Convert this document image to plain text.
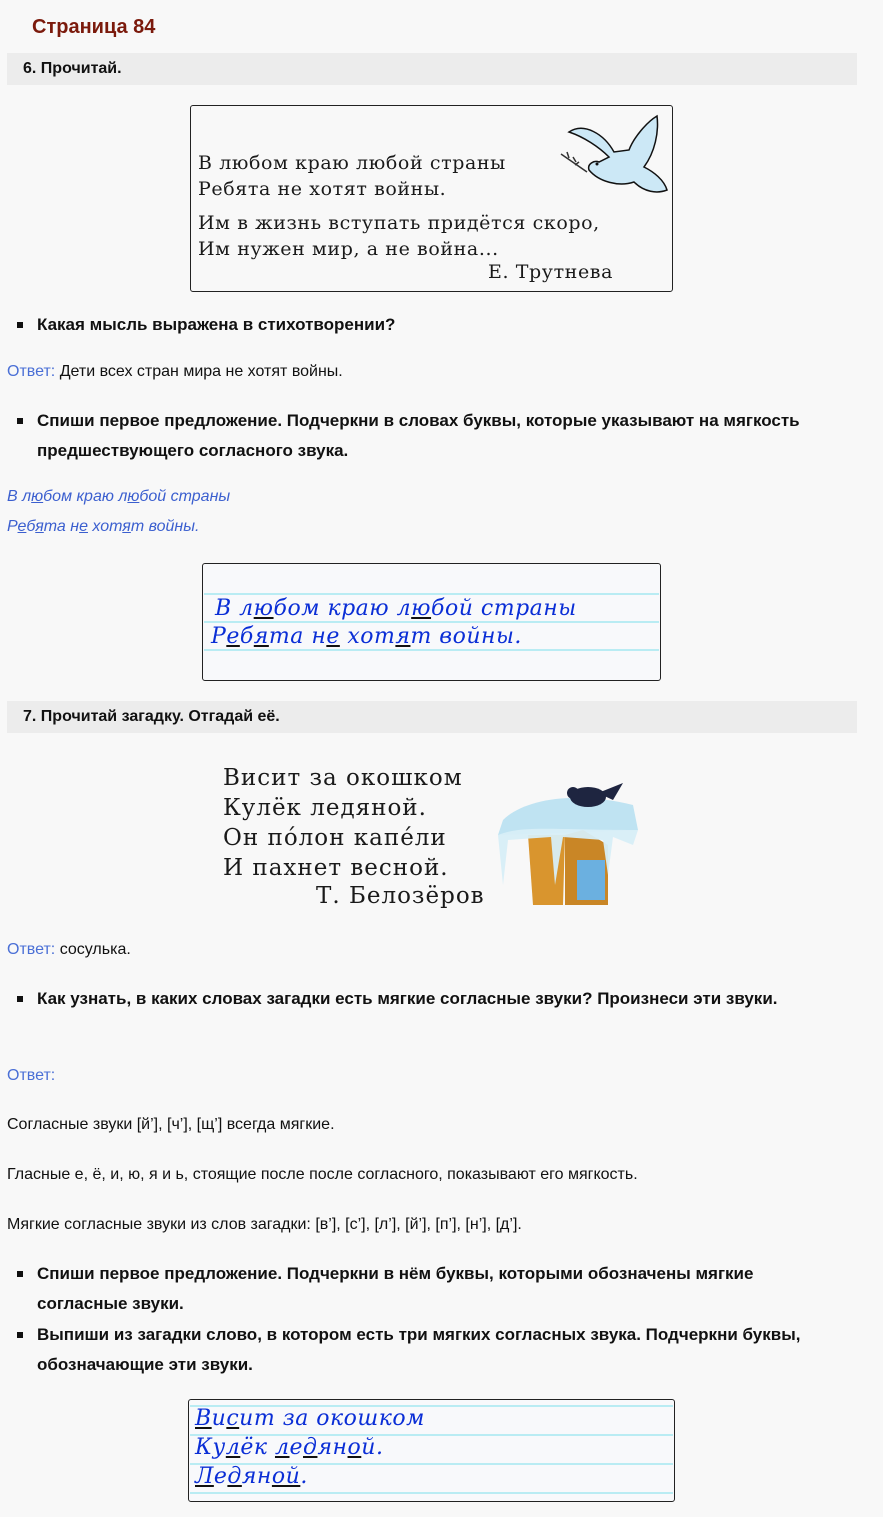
Страница 84
6. Прочитай.
В любом краю любой страны
Ребята не хотят войны.
Им в жизнь вступать придётся скоро,
Им нужен мир, а не война...
Е. Трутнева
Какая мысль выражена в стихотворении?
Ответ: Дети всех стран мира не хотят войны.
Спиши первое предложение. Подчеркни в словах буквы, которые указывают на мягкость предшествующего согласного звука.
В любом краю любой страны
Ребята не хотят войны.
В любом краю любой страны
Ребята не хотят войны.
7. Прочитай загадку. Отгадай её.
Висит за окошком
Кулёк ледяной.
Он по́лон капе́ли
И пахнет весной.
Т. Белозёров
Ответ: сосулька.
Как узнать, в каких словах загадки есть мягкие согласные звуки? Произнеси эти звуки.
Ответ:
Согласные звуки [й’], [ч’], [щ’] всегда мягкие.
Гласные е, ё, и, ю, я и ь, стоящие после после согласного, показывают его мягкость.
Мягкие согласные звуки из слов загадки: [в’], [с’], [л’], [й’], [п’], [н’], [д’].
Спиши первое предложение. Подчеркни в нём буквы, которыми обозначены мягкие согласные звуки.
Выпиши из загадки слово, в котором есть три мягких согласных звука. Подчеркни буквы, обозначающие эти звуки.
Висит за окошком
Кулёк ледяной.
Ледяной.
